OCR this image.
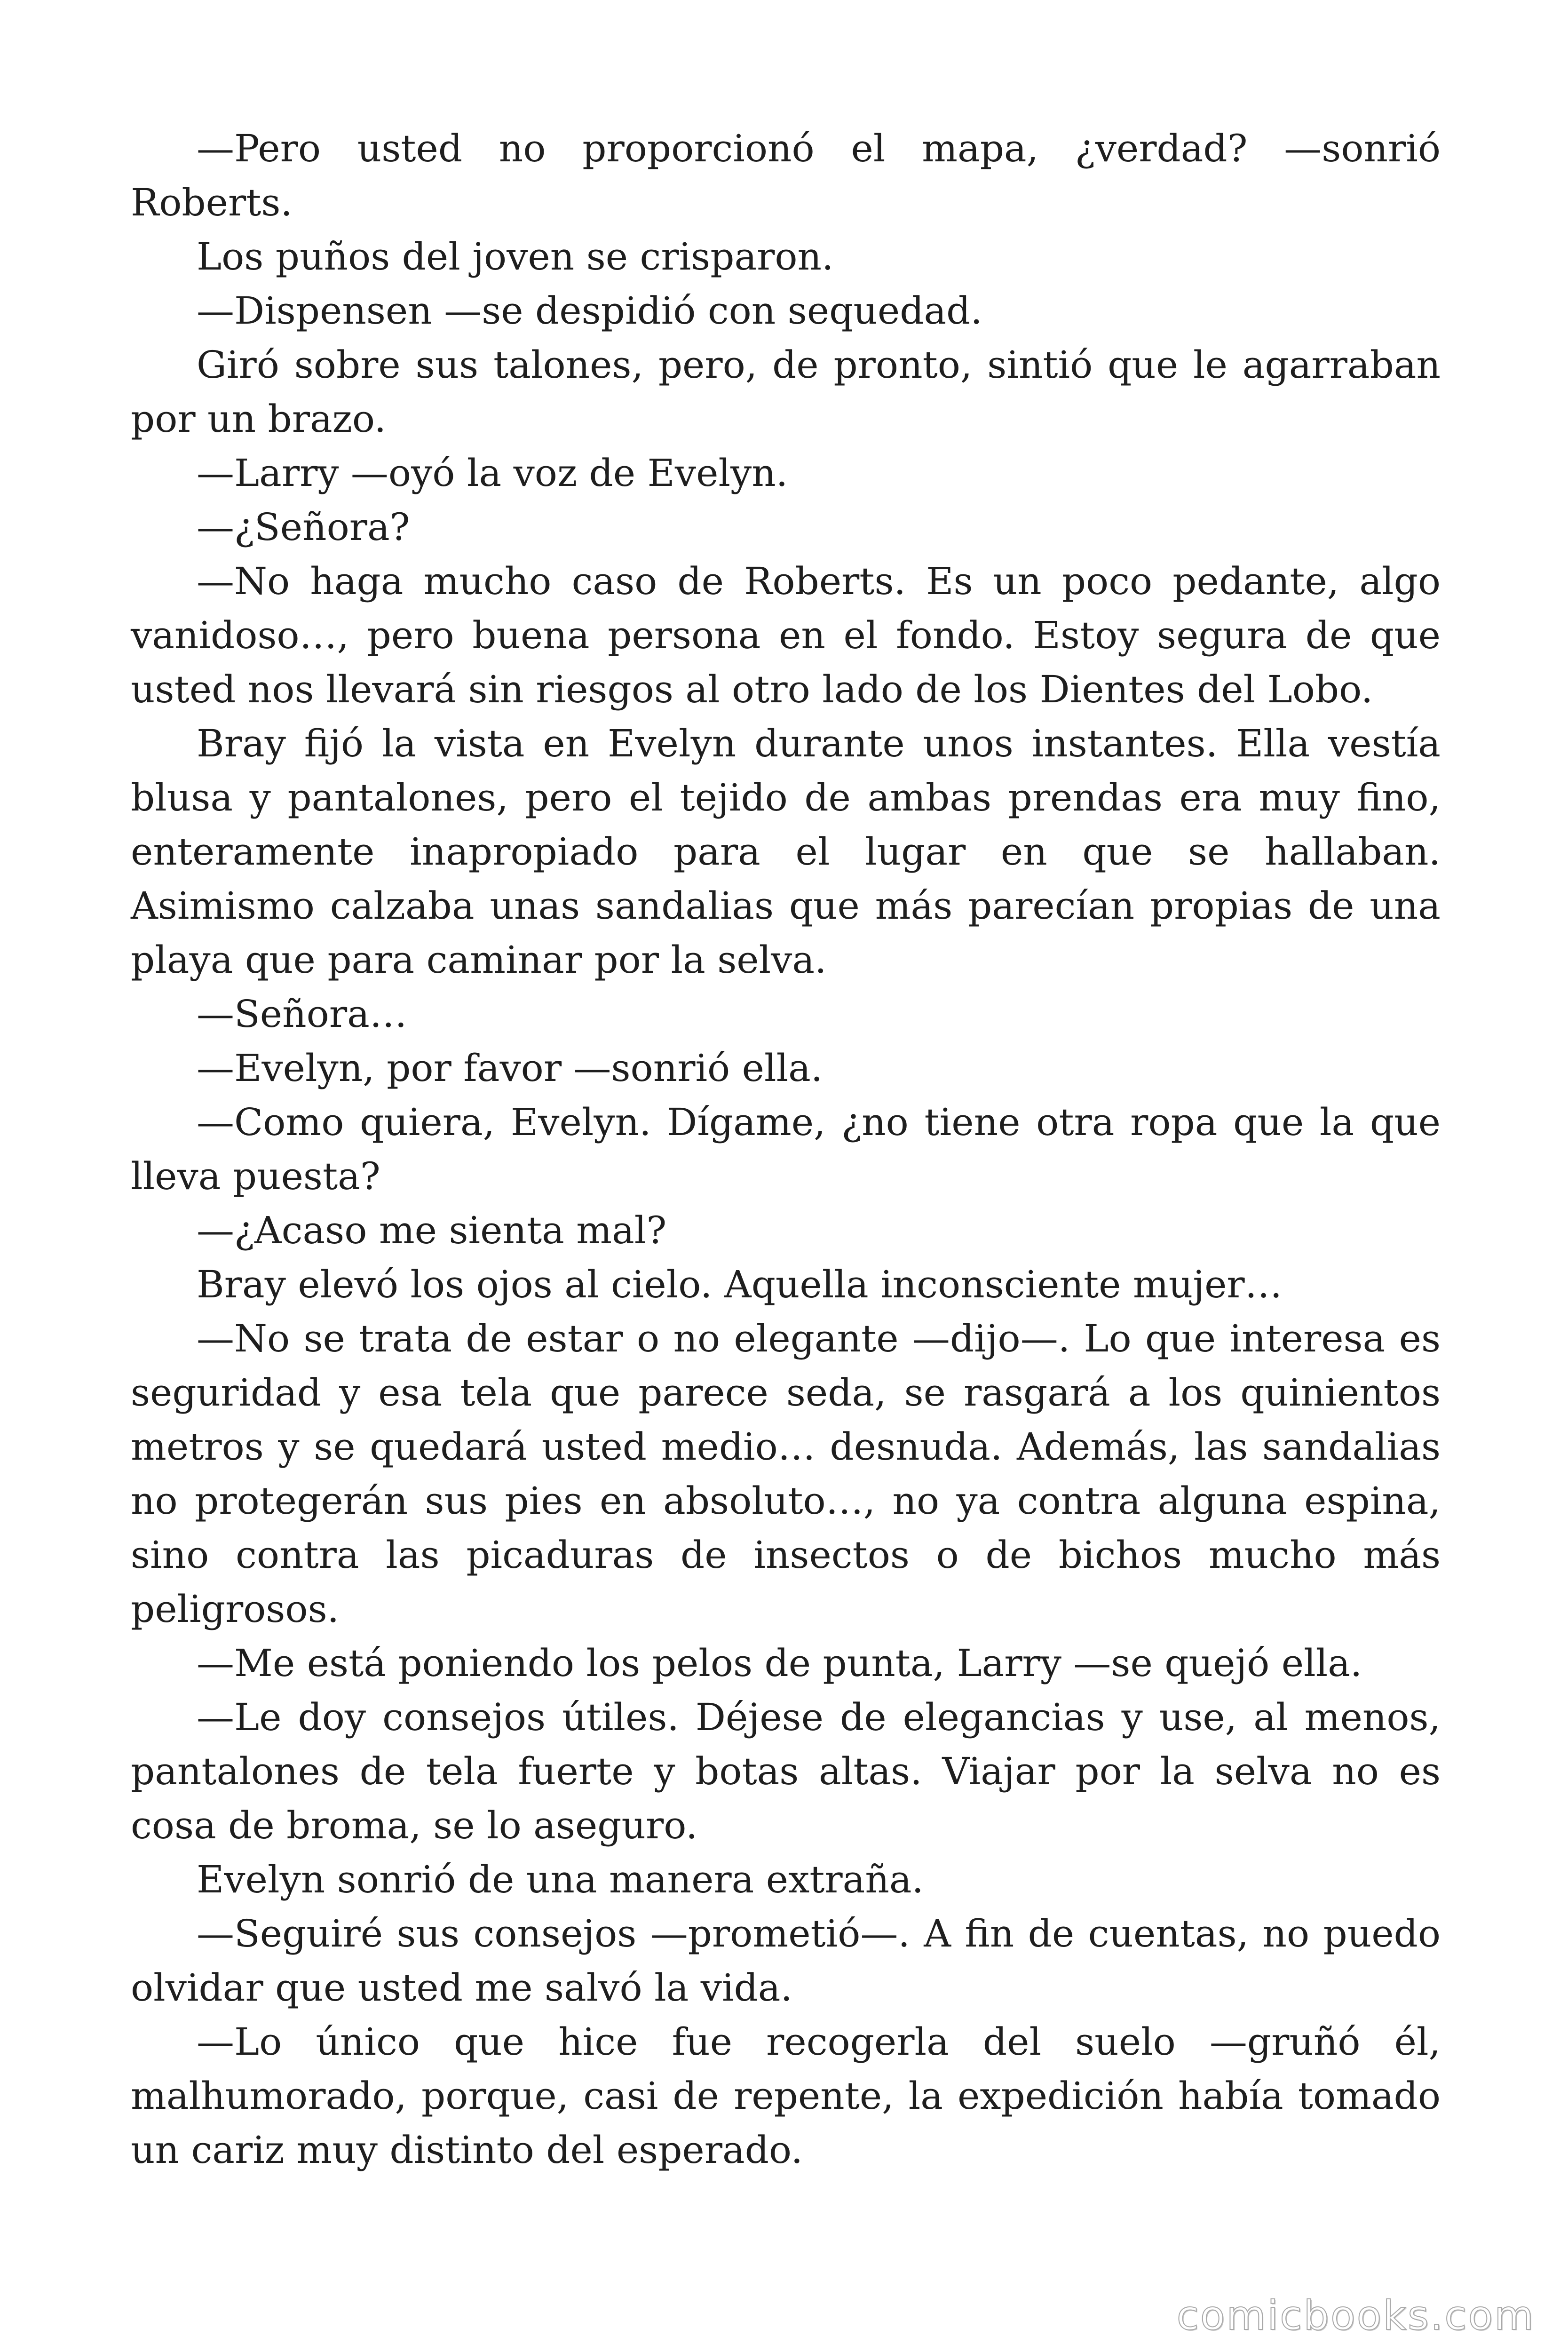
—Pero usted no proporcionó el mapa, ¿verdad? —sonrió Roberts.

Los puños del joven se crisparon.

—Dispensen —se despidió con sequedad.

Giró sobre sus talones, pero, de pronto, sintió que le agarraban por un brazo.

—Larry —oyó la voz de Evelyn.

—¿Señora?

—No haga mucho caso de Roberts. Es un poco pedante, algo vanidoso…, pero buena persona en el fondo. Estoy segura de que usted nos llevará sin riesgos al otro lado de los Dientes del Lobo.

Bray fijó la vista en Evelyn durante unos instantes. Ella vestía blusa y pantalones, pero el tejido de ambas prendas era muy fino, enteramente inapropiado para el lugar en que se hallaban. Asimismo calzaba unas sandalias que más parecían propias de una playa que para caminar por la selva.

—Señora…

—Evelyn, por favor —sonrió ella.

—Como quiera, Evelyn. Dígame, ¿no tiene otra ropa que la que lleva puesta?

—¿Acaso me sienta mal?

Bray elevó los ojos al cielo. Aquella inconsciente mujer…

—No se trata de estar o no elegante —dijo—. Lo que interesa es seguridad y esa tela que parece seda, se rasgará a los quinientos metros y se quedará usted medio… desnuda. Además, las sandalias no protegerán sus pies en absoluto…, no ya contra alguna espina, sino contra las picaduras de insectos o de bichos mucho más peligrosos.

—Me está poniendo los pelos de punta, Larry —se quejó ella.

—Le doy consejos útiles. Déjese de elegancias y use, al menos, pantalones de tela fuerte y botas altas. Viajar por la selva no es cosa de broma, se lo aseguro.

Evelyn sonrió de una manera extraña.

—Seguiré sus consejos —prometió—. A fin de cuentas, no puedo olvidar que usted me salvó la vida.

—Lo único que hice fue recogerla del suelo —gruñó él, malhumorado, porque, casi de repente, la expedición había tomado un cariz muy distinto del esperado.

comicbooks.com
